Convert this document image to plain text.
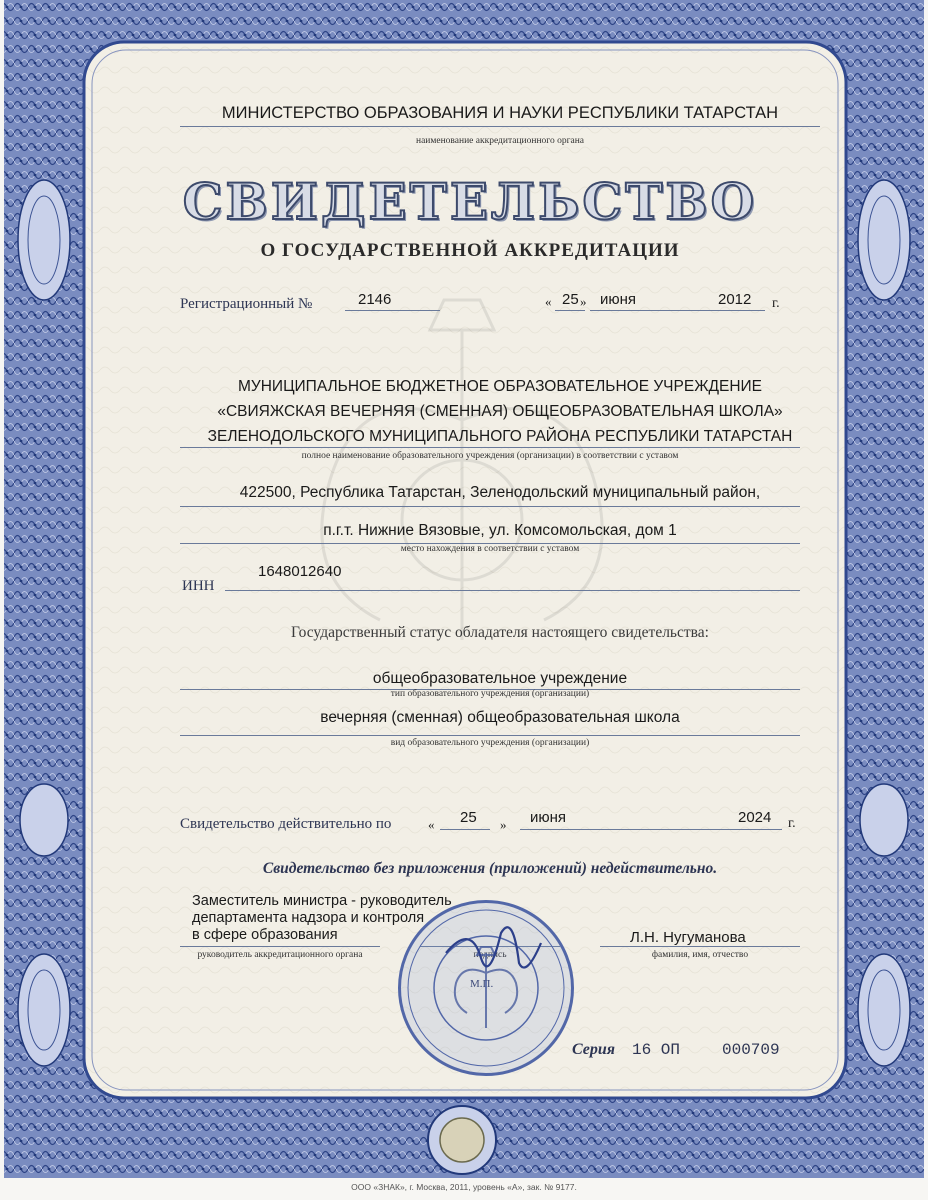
МИНИСТЕРСТВО ОБРАЗОВАНИЯ И НАУКИ РЕСПУБЛИКИ ТАТАРСТАН
наименование аккредитационного органа
СВИДЕТЕЛЬСТВО
О ГОСУДАРСТВЕННОЙ АККРЕДИТАЦИИ
Регистрационный №	2146	« 25 » июня	2012 г.
МУНИЦИПАЛЬНОЕ БЮДЖЕТНОЕ ОБРАЗОВАТЕЛЬНОЕ УЧРЕЖДЕНИЕ
«СВИЯЖСКАЯ ВЕЧЕРНЯЯ (СМЕННАЯ) ОБЩЕОБРАЗОВАТЕЛЬНАЯ ШКОЛА»
ЗЕЛЕНОДОЛЬСКОГО МУНИЦИПАЛЬНОГО РАЙОНА РЕСПУБЛИКИ ТАТАРСТАН
полное наименование образовательного учреждения (организации) в соответствии с уставом
422500, Республика Татарстан, Зеленодольский муниципальный район,
п.г.т. Нижние Вязовые, ул. Комсомольская, дом 1
место нахождения в соответствии с уставом
ИНН
1648012640
Государственный статус обладателя настоящего свидетельства:
общеобразовательное учреждение
тип образовательного учреждения (организации)
вечерняя (сменная) общеобразовательная школа
вид образовательного учреждения (организации)
Свидетельство действительно по	« 25 » июня	2024 г.
Свидетельство без приложения (приложений) недействительно.
Заместитель министра - руководитель
департамента надзора и контроля
в сфере образования
руководитель аккредитационного органа	подпись
Л.Н. Нугуманова
фамилия, имя, отчество
М.П.
Серия 16 ОП	000709
ООО «ЗНАК», г. Москва, 2011, уровень «А», зак. № 9177.
